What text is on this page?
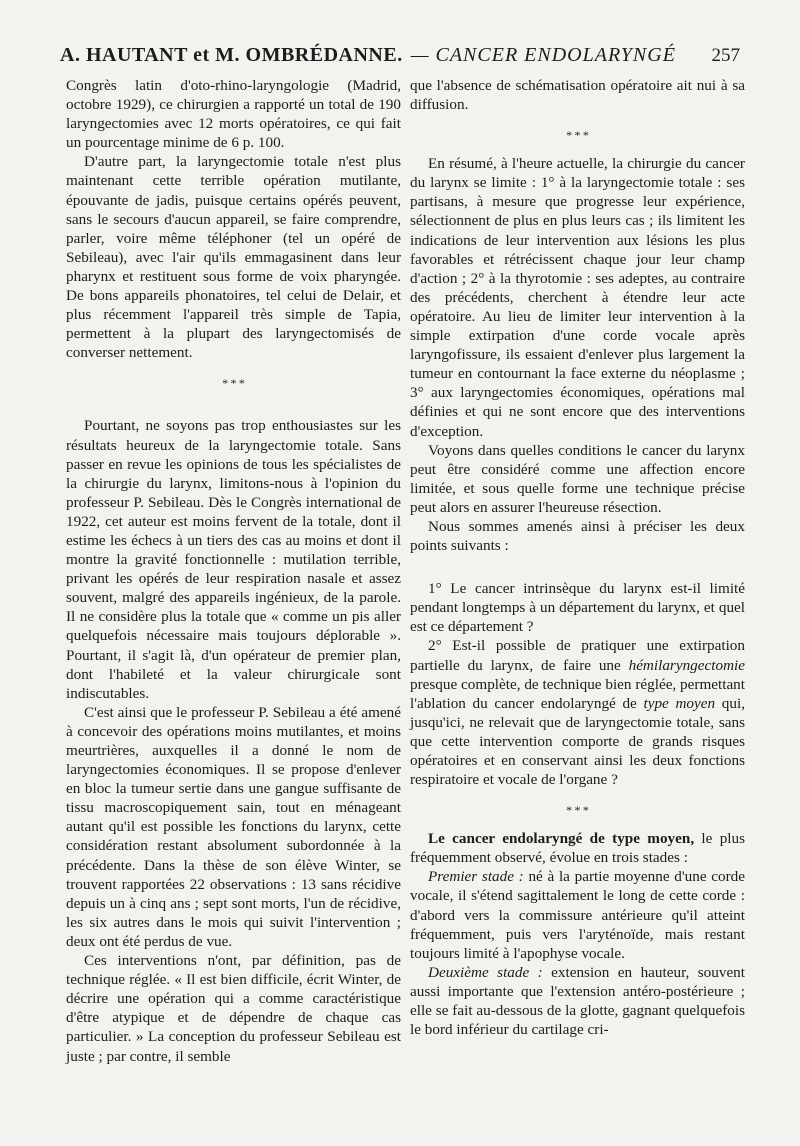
A. HAUTANT et M. OMBRÉDANNE. — CANCER ENDOLARYNGÉ 257

Congrès latin d'oto-rhino-laryngologie (Madrid, octobre 1929), ce chirurgien a rapporté un total de 190 laryngectomies avec 12 morts opératoires, ce qui fait un pourcentage minime de 6 p. 100.

D'autre part, la laryngectomie totale n'est plus maintenant cette terrible opération mutilante, épouvante de jadis, puisque certains opérés peuvent, sans le secours d'aucun appareil, se faire comprendre, parler, voire même téléphoner (tel un opéré de Sebileau), avec l'air qu'ils emmagasinent dans leur pharynx et restituent sous forme de voix pharyngée. De bons appareils phonatoires, tel celui de Delair, et plus récemment l'appareil très simple de Tapia, permettent à la plupart des laryngectomisés de converser nettement.

* * *

Pourtant, ne soyons pas trop enthousiastes sur les résultats heureux de la laryngectomie totale. Sans passer en revue les opinions de tous les spécialistes de la chirurgie du larynx, limitons-nous à l'opinion du professeur P. Sebileau. Dès le Congrès international de 1922, cet auteur est moins fervent de la totale, dont il estime les échecs à un tiers des cas au moins et dont il montre la gravité fonctionnelle : mutilation terrible, privant les opérés de leur respiration nasale et assez souvent, malgré des appareils ingénieux, de la parole. Il ne considère plus la totale que « comme un pis aller quelquefois nécessaire mais toujours déplorable ». Pourtant, il s'agit là, d'un opérateur de premier plan, dont l'habileté et la valeur chirurgicale sont indiscutables.

C'est ainsi que le professeur P. Sebileau a été amené à concevoir des opérations moins mutilantes, et moins meurtrières, auxquelles il a donné le nom de laryngectomies économiques. Il se propose d'enlever en bloc la tumeur sertie dans une gangue suffisante de tissu macroscopiquement sain, tout en ménageant autant qu'il est possible les fonctions du larynx, cette considération restant absolument subordonnée à la précédente. Dans la thèse de son élève Winter, se trouvent rapportées 22 observations : 13 sans récidive depuis un à cinq ans ; sept sont morts, l'un de récidive, les six autres dans le mois qui suivit l'intervention ; deux ont été perdus de vue.

Ces interventions n'ont, par définition, pas de technique réglée. « Il est bien difficile, écrit Winter, de décrire une opération qui a comme caractéristique d'être atypique et de dépendre de chaque cas particulier. » La conception du professeur Sebileau est juste ; par contre, il semble

que l'absence de schématisation opératoire ait nui à sa diffusion.

* * *

En résumé, à l'heure actuelle, la chirurgie du cancer du larynx se limite : 1° à la laryngectomie totale : ses partisans, à mesure que progresse leur expérience, sélectionnent de plus en plus leurs cas ; ils limitent les indications de leur intervention aux lésions les plus favorables et rétrécissent chaque jour leur champ d'action ; 2° à la thyrotomie : ses adeptes, au contraire des précédents, cherchent à étendre leur acte opératoire. Au lieu de limiter leur intervention à la simple extirpation d'une corde vocale après laryngofissure, ils essaient d'enlever plus largement la tumeur en contournant la face externe du néoplasme ; 3° aux laryngectomies économiques, opérations mal définies et qui ne sont encore que des interventions d'exception.

Voyons dans quelles conditions le cancer du larynx peut être considéré comme une affection encore limitée, et sous quelle forme une technique précise peut alors en assurer l'heureuse résection.

Nous sommes amenés ainsi à préciser les deux points suivants :

1° Le cancer intrinsèque du larynx est-il limité pendant longtemps à un département du larynx, et quel est ce département ?

2° Est-il possible de pratiquer une extirpation partielle du larynx, de faire une hémilaryngectomie presque complète, de technique bien réglée, permettant l'ablation du cancer endolaryngé de type moyen qui, jusqu'ici, ne relevait que de laryngectomie totale, sans que cette intervention comporte de grands risques opératoires et en conservant ainsi les deux fonctions respiratoire et vocale de l'organe ?

* * *

Le cancer endolaryngé de type moyen, le plus fréquemment observé, évolue en trois stades :

Premier stade : né à la partie moyenne d'une corde vocale, il s'étend sagittalement le long de cette corde : d'abord vers la commissure antérieure qu'il atteint fréquemment, puis vers l'aryténoïde, mais restant toujours limité à l'apophyse vocale.

Deuxième stade : extension en hauteur, souvent aussi importante que l'extension antéro-postérieure ; elle se fait au-dessous de la glotte, gagnant quelquefois le bord inférieur du cartilage cri-
